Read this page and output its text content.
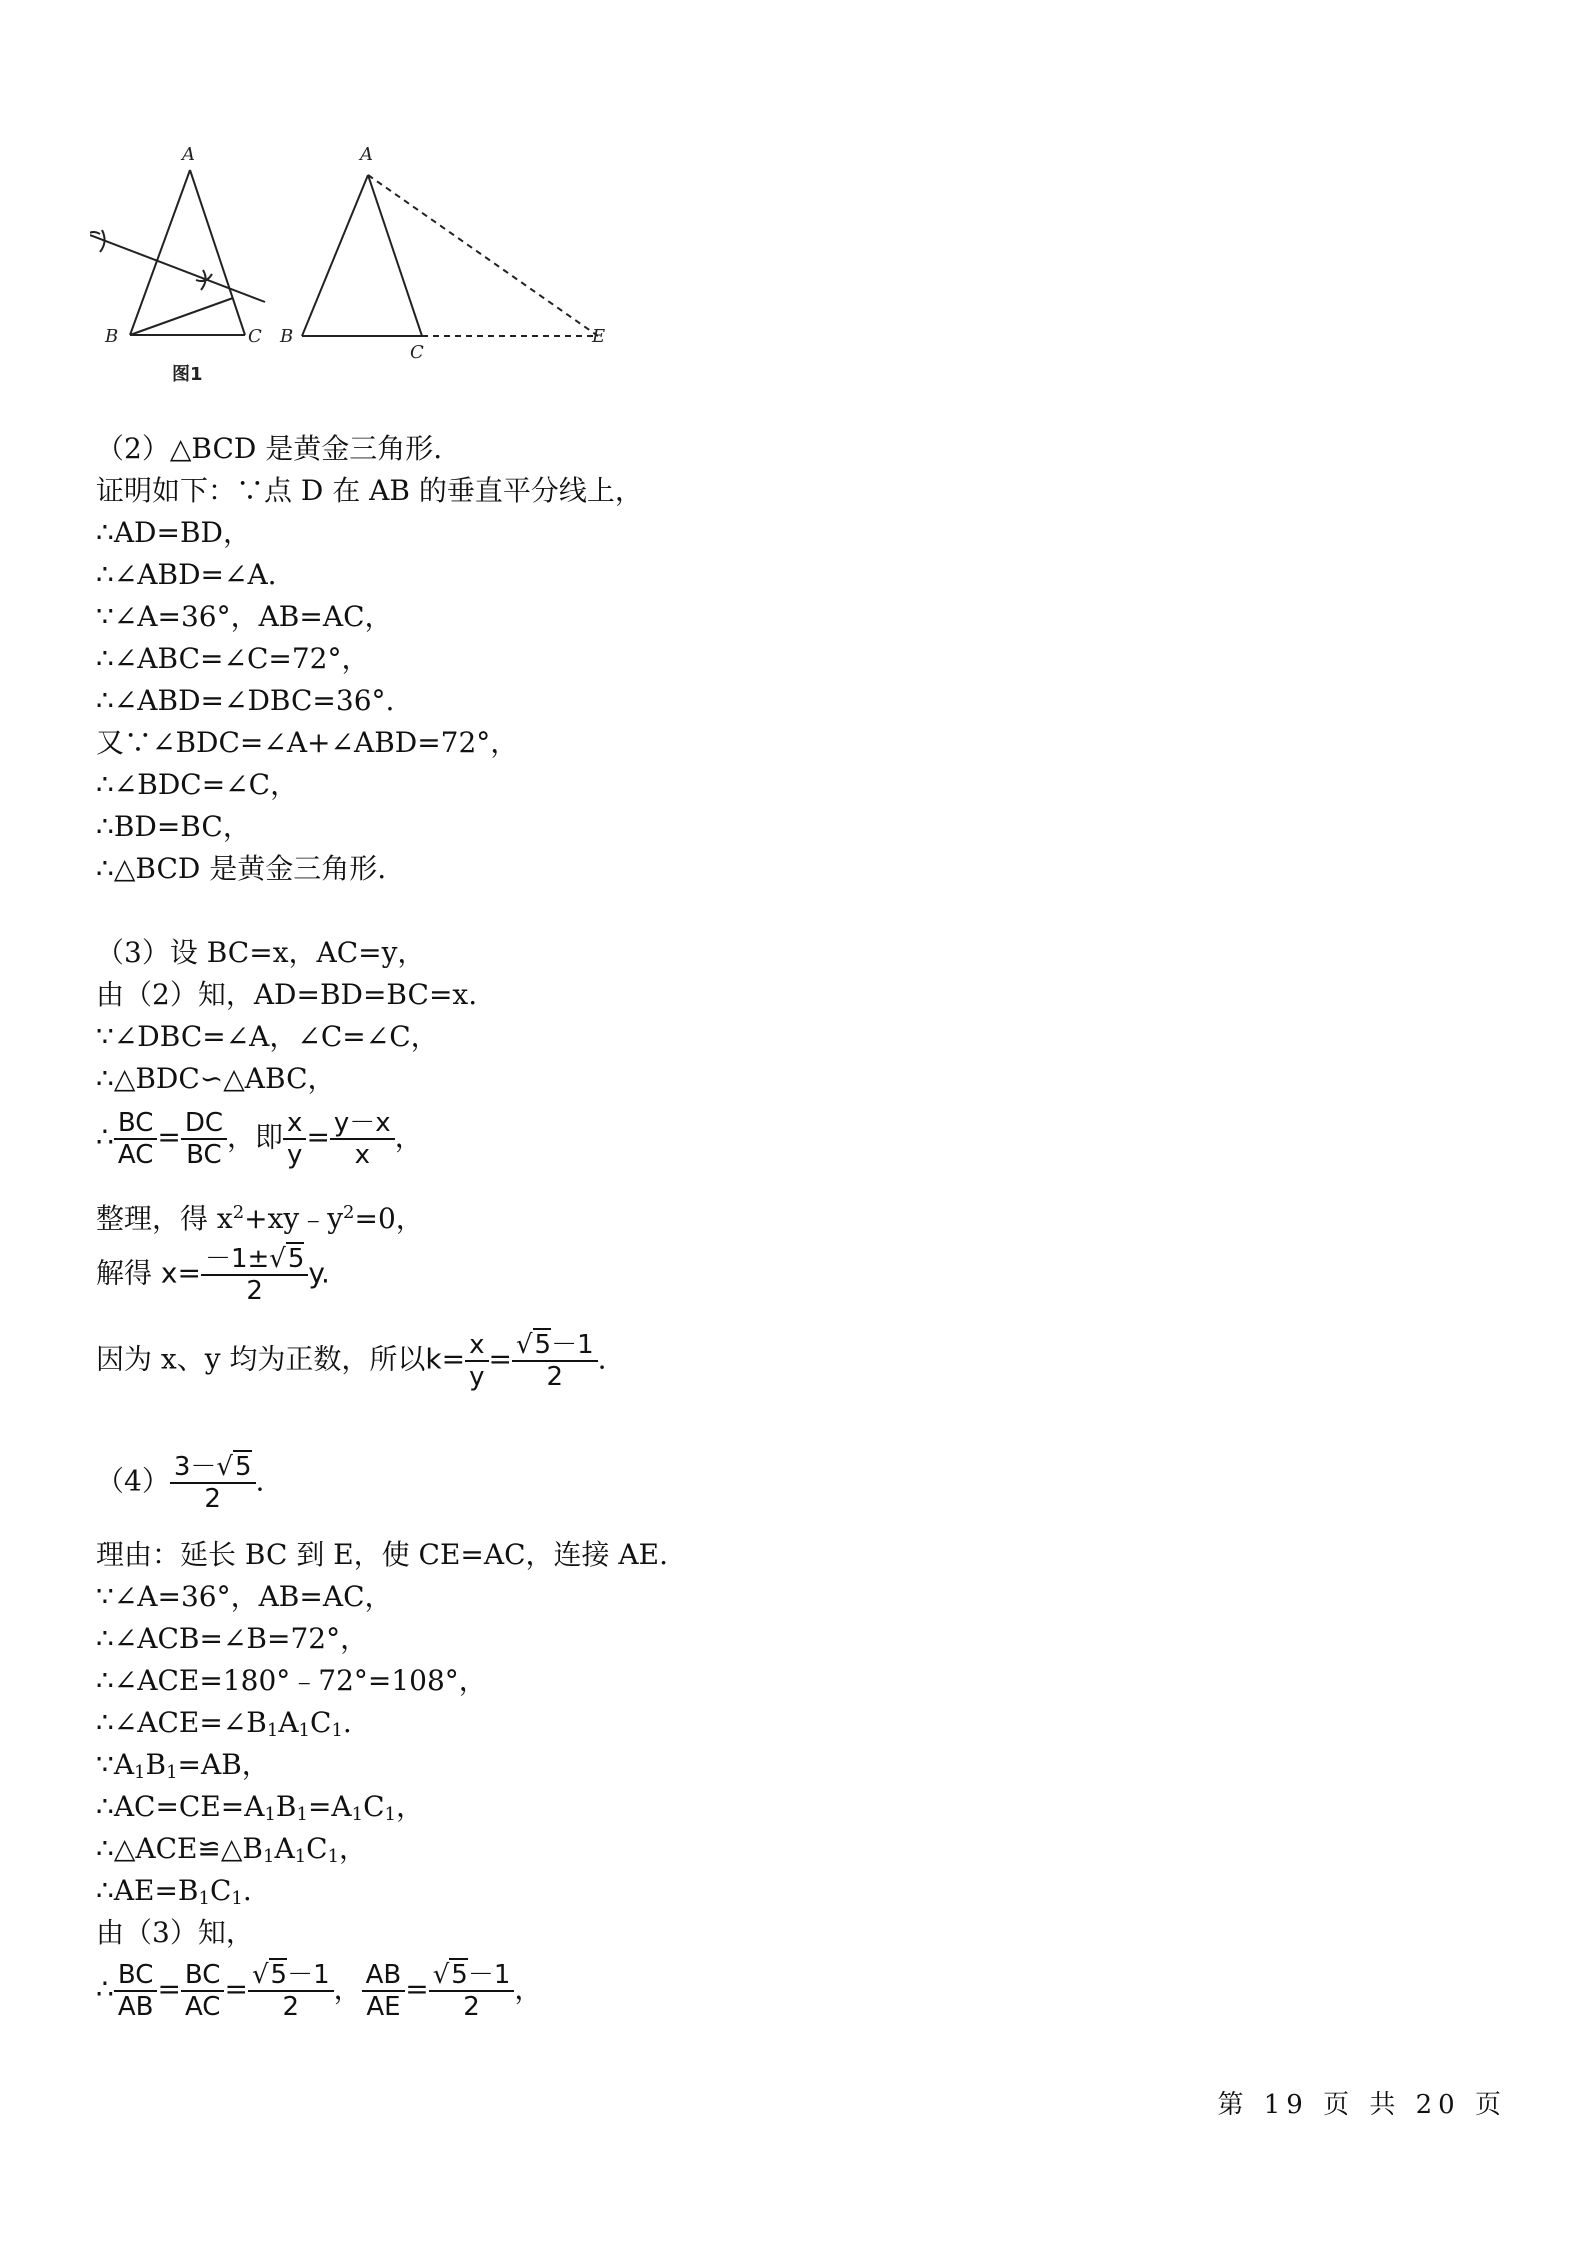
A
B	C
A
B
C
E
图1
（2）△BCD 是黄金三角形.
证明如下：∵点 D 在 AB 的垂直平分线上，
∴AD=BD，
∴∠ABD=∠A.
∵∠A=36°，AB=AC，
∴∠ABC=∠C=72°，
∴∠ABD=∠DBC=36°.
又∵∠BDC=∠A+∠ABD=72°，
∴∠BDC=∠C，
∴BD=BC，
∴△BCD 是黄金三角形.
（3）设 BC=x，AC=y，
由（2）知，AD=BD=BC=x.
∵∠DBC=∠A，∠C=∠C，
∴△BDC∽△ABC，
∴ $\frac{BC}{AC} = \frac{DC}{BC}$ ，即 $\frac{x}{y} = \frac{y-x}{x}$ ，
整理，得 $x^2+xy﹣y^2=0$，
解得 $x= \frac{-1\pm√5}{2} y$.
因为 x、y 均为正数，所以$k= \frac{x}{y} = \frac{√5-1}{2}$ .
$(4) \frac{3-√5}{2}$ .
理由：延长 BC 到 E，使 CE=AC，连接 AE.
∵∠A=36°，AB=AC，
∴∠ACB=∠B=72°，
∴∠ACE=180°﹣72°=108°，
$\therefore\angle ACE=\angle B_1A_1C_1$.
$\because A_1B_1=AB$，
$\therefore AC=CE=A_1B_1=A_1C_1$，
$\therefore\triangle ACE≌\triangle B_1A_1C_1$，
$\therefore AE=B_1C_1$.
由（3）知，
∴ $\frac{BC}{AB} = \frac{BC}{AC} = \frac{√5-1}{2}$ ， $\frac{AB}{AE} = \frac{√5-1}{2}$ ，
第 19 页 共 20 页
